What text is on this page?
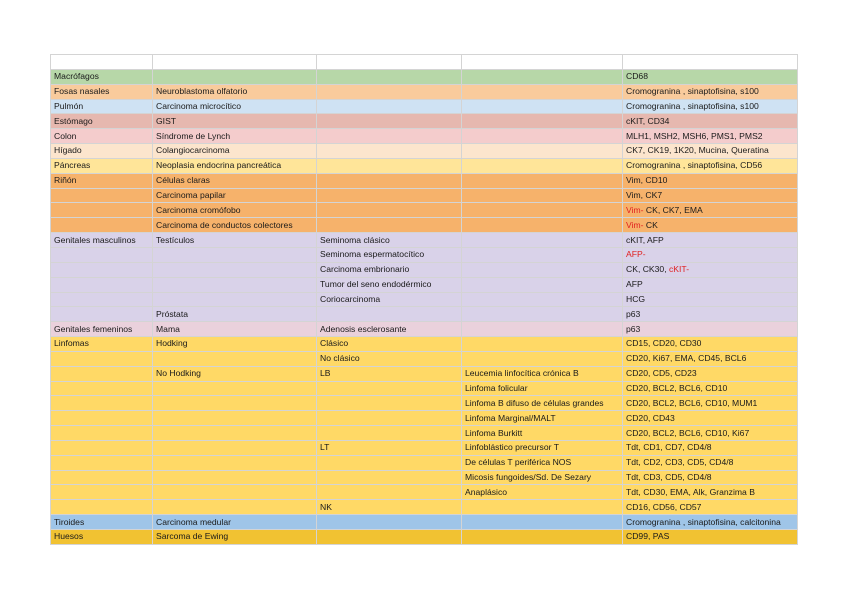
Macrófagos				CD68
Fosas nasales	Neuroblastoma olfatorio			Cromogranina , sinaptofisina, s100
Pulmón	Carcinoma microcítico			Cromogranina , sinaptofisina, s100
Estómago	GIST			cKIT, CD34
Colon	Síndrome de Lynch			MLH1, MSH2, MSH6, PMS1, PMS2
Hígado	Colangiocarcinoma			CK7, CK19, 1K20, Mucina, Queratina
Páncreas	Neoplasia endocrina pancreática			Cromogranina , sinaptofisina, CD56
Riñón	Células claras			Vim, CD10
	Carcinoma papilar			Vim, CK7
	Carcinoma cromófobo			Vim- CK, CK7, EMA
	Carcinoma de conductos colectores			Vim- CK
Genitales masculinos	Testículos	Seminoma clásico		cKIT, AFP
		Seminoma espermatocítico		AFP-
		Carcinoma embrionario		CK, CK30, cKIT-
		Tumor del seno endodérmico		AFP
		Coriocarcinoma		HCG
	Próstata			p63
Genitales femeninos	Mama	Adenosis esclerosante		p63
Linfomas	Hodking	Clásico		CD15, CD20, CD30
		No clásico		CD20, Ki67, EMA, CD45, BCL6
	No Hodking	LB	Leucemia linfocítica crónica B	CD20, CD5, CD23
			Linfoma folicular	CD20, BCL2, BCL6, CD10
			Linfoma B difuso de células grandes	CD20, BCL2, BCL6, CD10, MUM1
			Linfoma Marginal/MALT	CD20, CD43
			Linfoma Burkitt	CD20, BCL2, BCL6, CD10, Ki67
		LT	Linfoblástico precursor T	Tdt, CD1, CD7, CD4/8
			De células T periférica NOS	Tdt, CD2, CD3, CD5, CD4/8
			Micosis fungoides/Sd. De Sezary	Tdt, CD3, CD5, CD4/8
			Anaplásico	Tdt, CD30, EMA, Alk, Granzima B
		NK		CD16, CD56, CD57
Tiroides	Carcinoma medular			Cromogranina , sinaptofisina, calcitonina
Huesos	Sarcoma de Ewing			CD99, PAS
